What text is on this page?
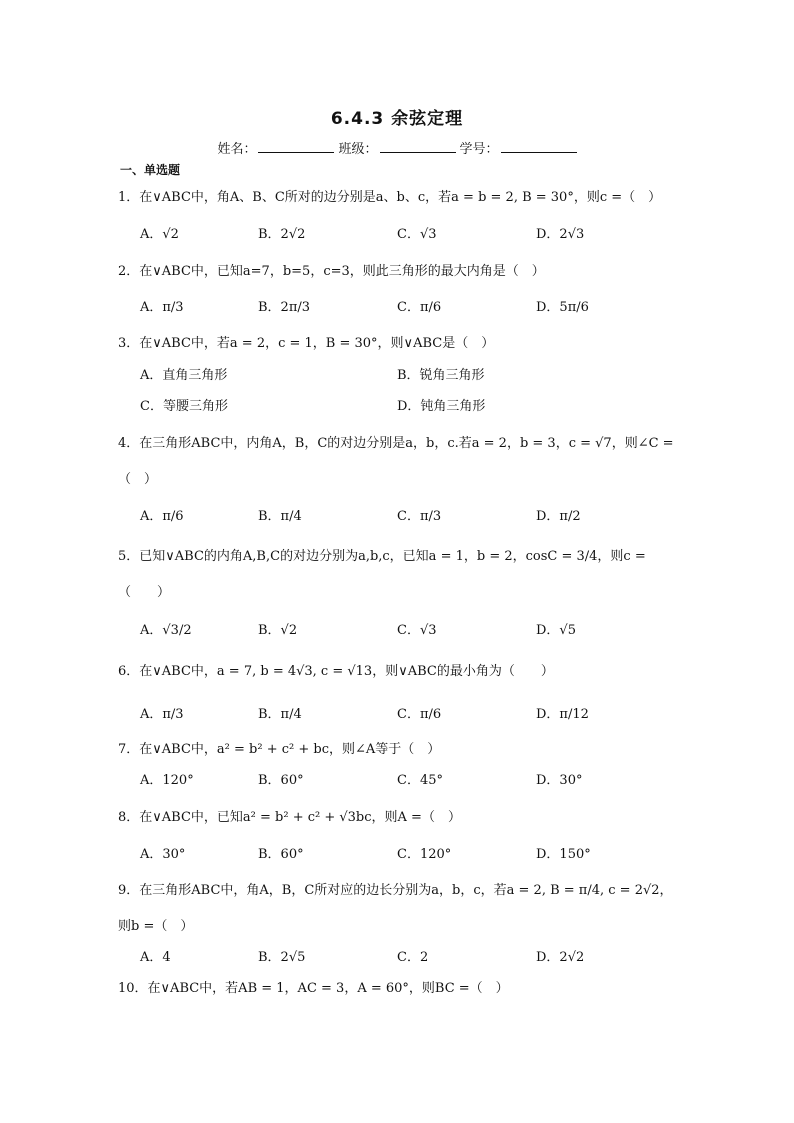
6.4.3 余弦定理
姓名：	班级：	学号：
一、单选题
1．在∨ABC中，角A、B、C所对的边分别是a、b、c，若a = b = 2, B = 30°，则c =（　）
A．√2	B．2√2	C．√3	D．2√3
2．在∨ABC中，已知a=7，b=5，c=3，则此三角形的最大内角是（　）
A．π/3	B．2π/3	C．π/6	D．5π/6
3．在∨ABC中，若a = 2，c = 1，B = 30°，则∨ABC是（　）
A．直角三角形	B．锐角三角形
C．等腰三角形	D．钝角三角形
4．在三角形ABC中，内角A，B，C的对边分别是a，b，c.若a = 2，b = 3，c = √7，则∠C =
（　）
A．π/6	B．π/4	C．π/3	D．π/2
5．已知∨ABC的内角A,B,C的对边分别为a,b,c，已知a = 1，b = 2，cosC = 3/4，则c =
（　　）
A．√3/2	B．√2	C．√3	D．√5
6．在∨ABC中，a = 7, b = 4√3, c = √13，则∨ABC的最小角为（　　）
A．π/3	B．π/4	C．π/6	D．π/12
7．在∨ABC中，a² = b² + c² + bc，则∠A等于（　）
A．120°	B．60°	C．45°	D．30°
8．在∨ABC中，已知a² = b² + c² + √3bc，则A =（　）
A．30°	B．60°	C．120°	D．150°
9．在三角形ABC中，角A，B，C所对应的边长分别为a，b，c，若a = 2, B = π/4, c = 2√2，
则b =（　）
A．4	B．2√5	C．2	D．2√2
10．在∨ABC中，若AB = 1，AC = 3，A = 60°，则BC =（　）
